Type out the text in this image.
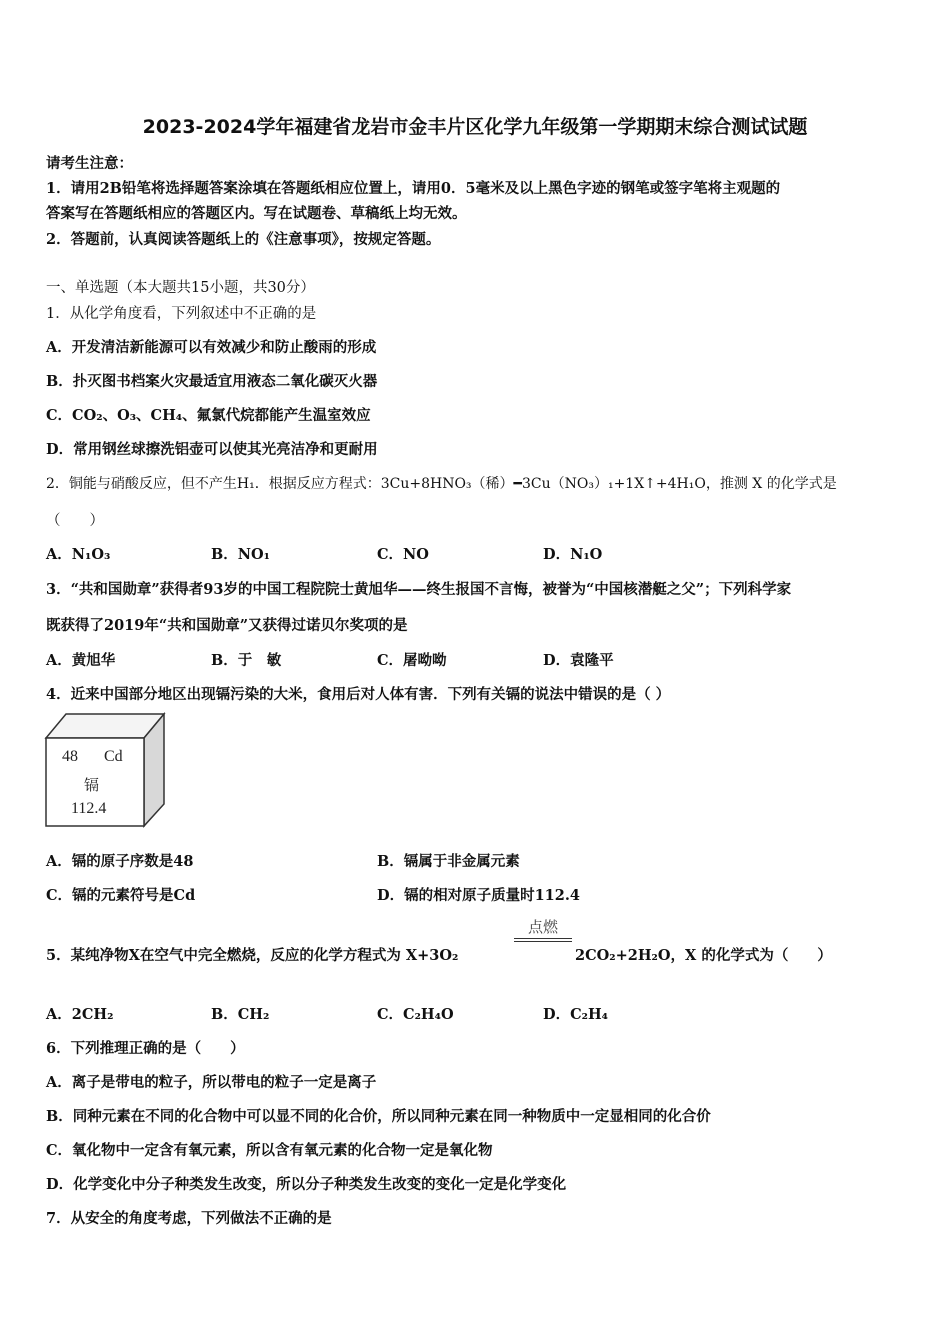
2023-2024学年福建省龙岩市金丰片区化学九年级第一学期期末综合测试试题
请考生注意：
1．请用2B铅笔将选择题答案涂填在答题纸相应位置上，请用0．5毫米及以上黑色字迹的钢笔或签字笔将主观题的
答案写在答题纸相应的答题区内。写在试题卷、草稿纸上均无效。
2．答题前，认真阅读答题纸上的《注意事项》，按规定答题。
一、单选题（本大题共15小题，共30分）
1．从化学角度看，下列叙述中不正确的是
A．开发清洁新能源可以有效减少和防止酸雨的形成
B．扑灭图书档案火灾最适宜用液态二氧化碳灭火器
C．CO₂、O₃、CH₄、氟氯代烷都能产生温室效应
D．常用钢丝球擦洗铝壶可以使其光亮洁净和更耐用
2．铜能与硝酸反应，但不产生H₁．根据反应方程式：3Cu+8HNO₃（稀）━3Cu（NO₃）₁+1X↑+4H₁O，推测 X 的化学式是
（　　）
A．N₁O₃	B．NO₁	C．NO	D．N₁O
3．“共和国勋章”获得者93岁的中国工程院院士黄旭华——终生报国不言悔，被誉为“中国核潜艇之父”；下列科学家
既获得了2019年“共和国勋章”又获得过诺贝尔奖项的是
A．黄旭华	B．于　敏	C．屠呦呦	D．袁隆平
4．近来中国部分地区出现镉污染的大米，食用后对人体有害．下列有关镉的说法中错误的是（ ）
48 Cd
镉
112.4
A．镉的原子序数是48	B．镉属于非金属元素
C．镉的元素符号是Cd	D．镉的相对原子质量时112.4
5．某纯净物X在空气中完全燃烧，反应的化学方程式为 X+3O₂
点燃
2CO₂+2H₂O，X 的化学式为（　　）
A．2CH₂	B．CH₂	C．C₂H₄O	D．C₂H₄
6．下列推理正确的是（　　）
A．离子是带电的粒子，所以带电的粒子一定是离子
B．同种元素在不同的化合物中可以显不同的化合价，所以同种元素在同一种物质中一定显相同的化合价
C．氧化物中一定含有氧元素，所以含有氧元素的化合物一定是氧化物
D．化学变化中分子种类发生改变，所以分子种类发生改变的变化一定是化学变化
7．从安全的角度考虑，下列做法不正确的是
